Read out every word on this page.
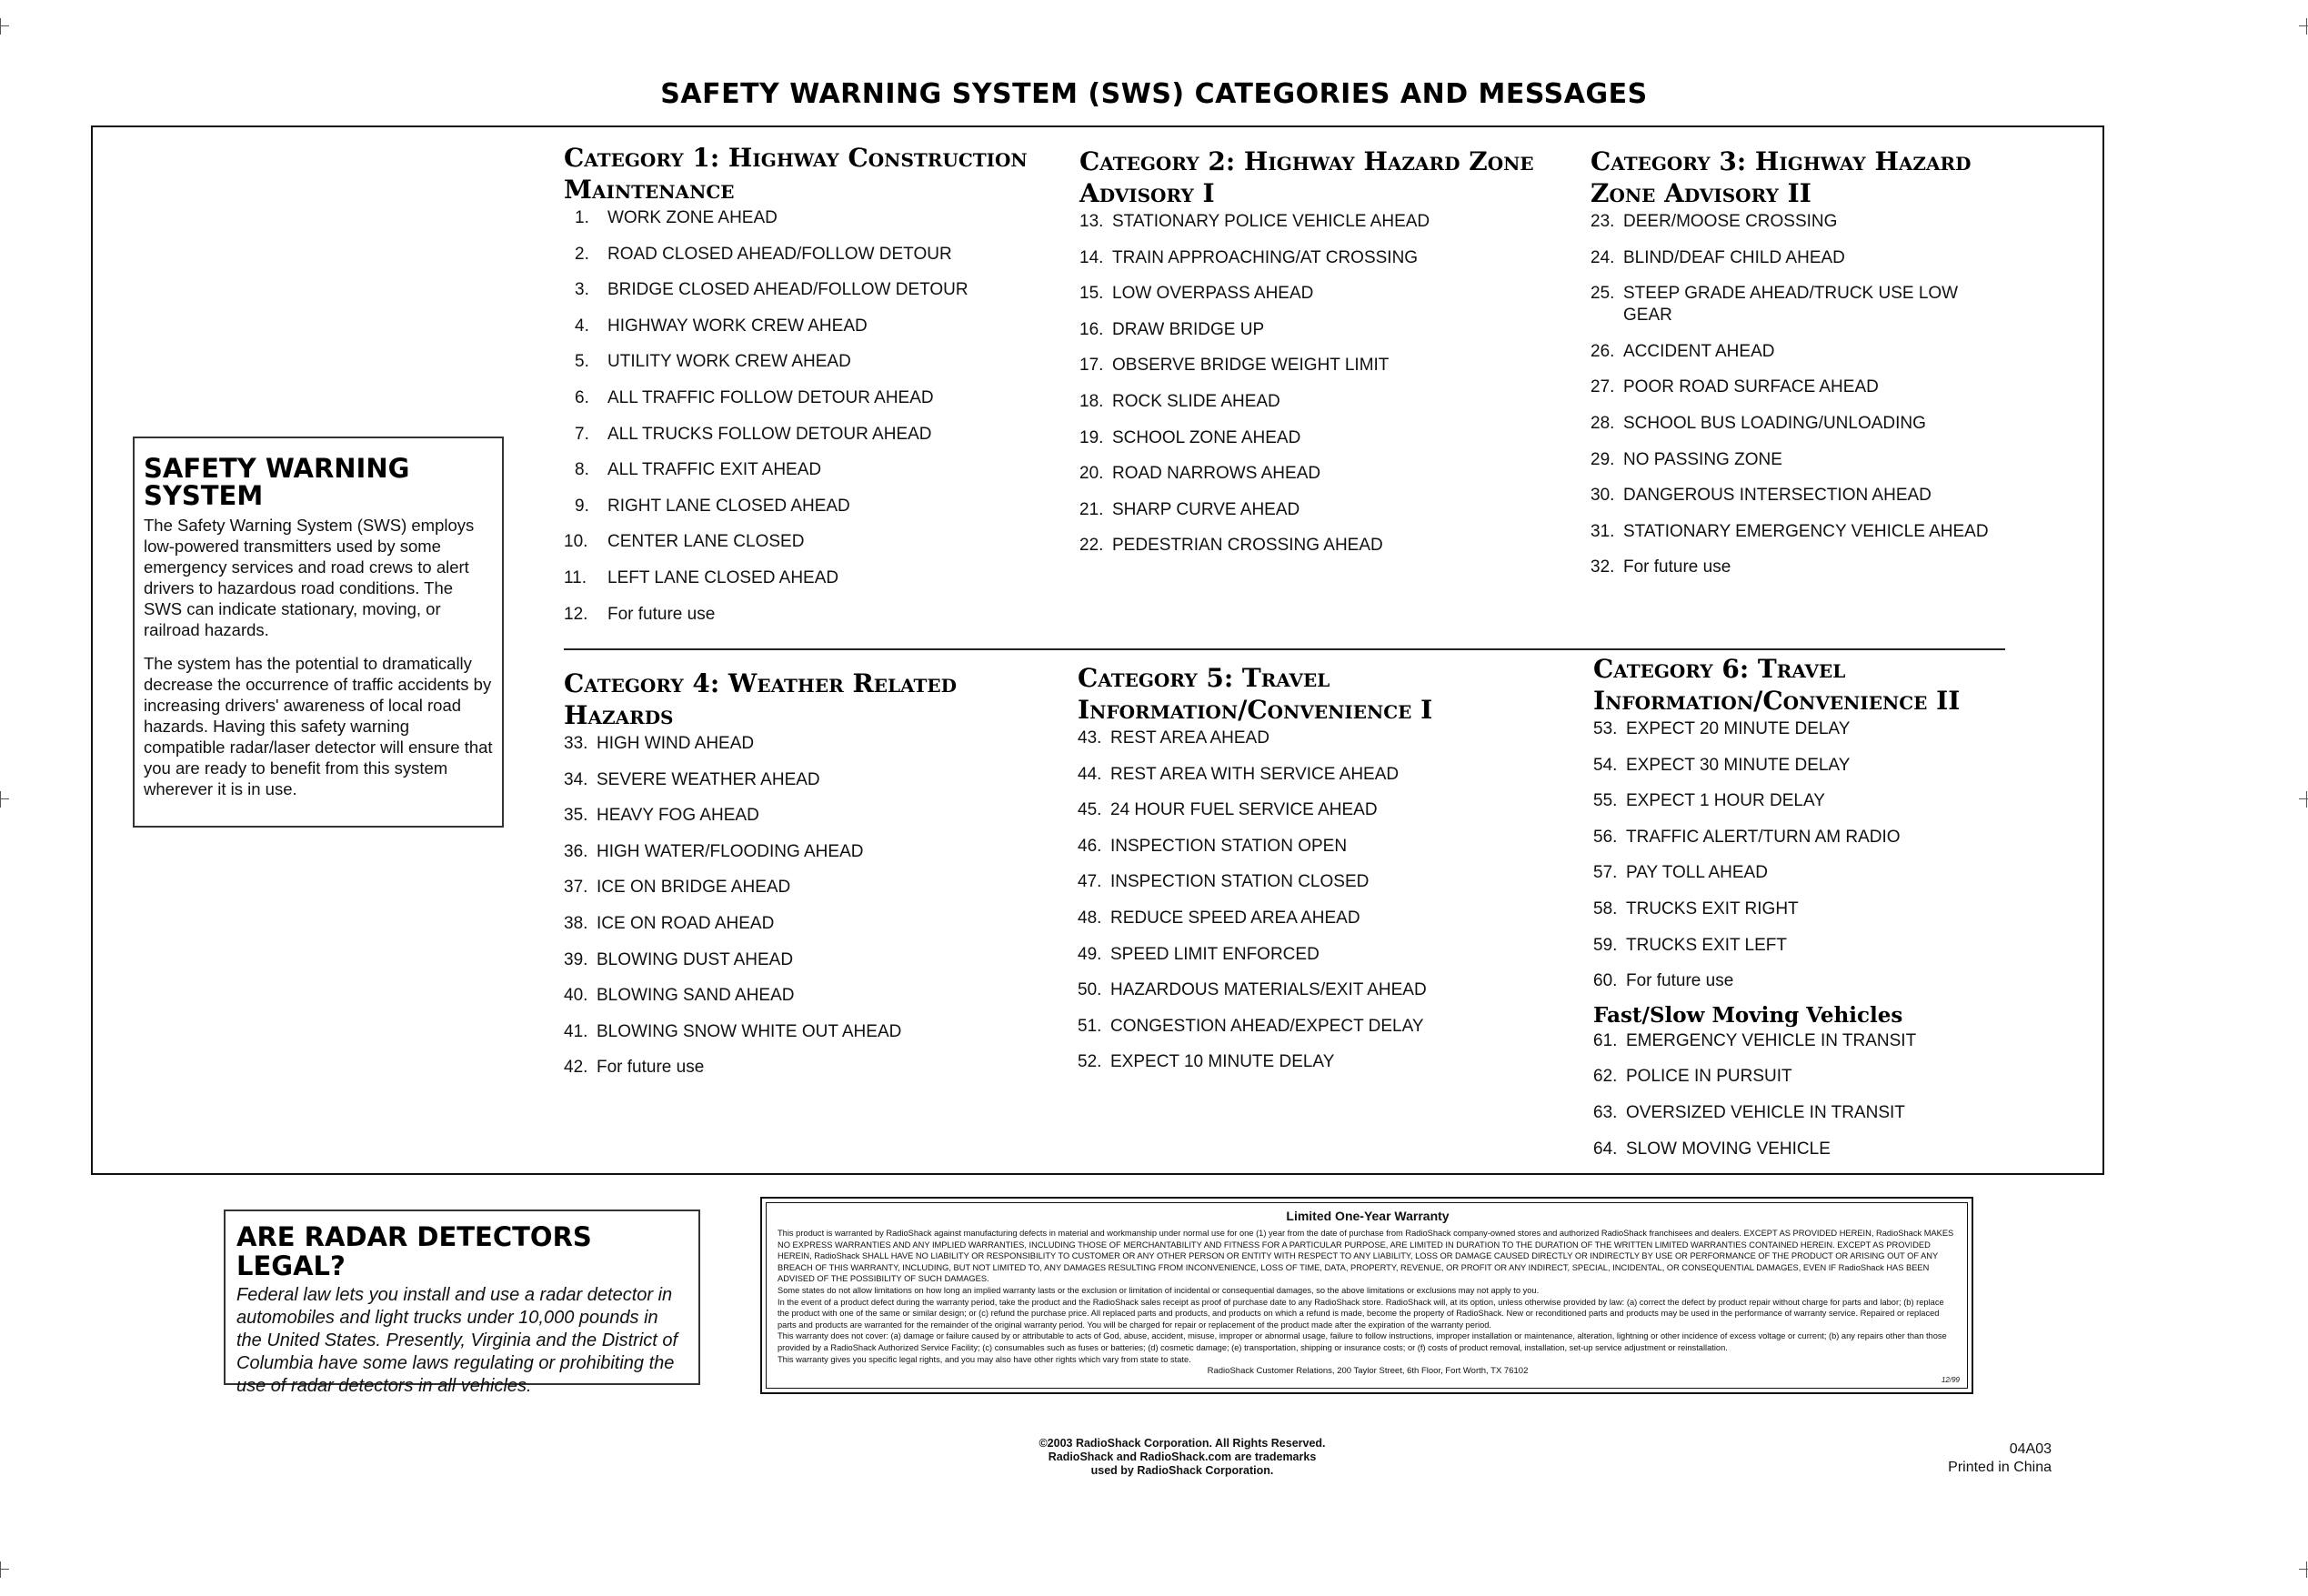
SAFETY WARNING SYSTEM (SWS) CATEGORIES AND MESSAGES
Category 1: Highway Construction Maintenance
1.	WORK ZONE AHEAD
2.	ROAD CLOSED AHEAD/FOLLOW DETOUR
3.	BRIDGE CLOSED AHEAD/FOLLOW DETOUR
4.	HIGHWAY WORK CREW AHEAD
5.	UTILITY WORK CREW AHEAD
6.	ALL TRAFFIC FOLLOW DETOUR AHEAD
7.	ALL TRUCKS FOLLOW DETOUR AHEAD
8.	ALL TRAFFIC EXIT AHEAD
9.	RIGHT LANE CLOSED AHEAD
10.	CENTER LANE CLOSED
11.	LEFT LANE CLOSED AHEAD
12.	For future use
Category 2: Highway Hazard Zone Advisory I
13. STATIONARY POLICE VEHICLE AHEAD
14. TRAIN APPROACHING/AT CROSSING
15. LOW OVERPASS AHEAD
16. DRAW BRIDGE UP
17. OBSERVE BRIDGE WEIGHT LIMIT
18. ROCK SLIDE AHEAD
19. SCHOOL ZONE AHEAD
20. ROAD NARROWS AHEAD
21. SHARP CURVE AHEAD
22. PEDESTRIAN CROSSING AHEAD
Category 3: Highway Hazard Zone Advisory II
23. DEER/MOOSE CROSSING
24. BLIND/DEAF CHILD AHEAD
25. STEEP GRADE AHEAD/TRUCK USE LOW GEAR
26. ACCIDENT AHEAD
27. POOR ROAD SURFACE AHEAD
28. SCHOOL BUS LOADING/UNLOADING
29. NO PASSING ZONE
30. DANGEROUS INTERSECTION AHEAD
31. STATIONARY EMERGENCY VEHICLE AHEAD
32. For future use
Category 4: Weather Related Hazards
33. HIGH WIND AHEAD
34. SEVERE WEATHER AHEAD
35. HEAVY FOG AHEAD
36. HIGH WATER/FLOODING AHEAD
37. ICE ON BRIDGE AHEAD
38. ICE ON ROAD AHEAD
39. BLOWING DUST AHEAD
40. BLOWING SAND AHEAD
41. BLOWING SNOW WHITE OUT AHEAD
42. For future use
Category 5: Travel Information/Convenience I
43. REST AREA AHEAD
44. REST AREA WITH SERVICE AHEAD
45. 24 HOUR FUEL SERVICE AHEAD
46. INSPECTION STATION OPEN
47. INSPECTION STATION CLOSED
48. REDUCE SPEED AREA AHEAD
49. SPEED LIMIT ENFORCED
50. HAZARDOUS MATERIALS/EXIT AHEAD
51. CONGESTION AHEAD/EXPECT DELAY
52. EXPECT 10 MINUTE DELAY
Category 6: Travel Information/Convenience II
53. EXPECT 20 MINUTE DELAY
54. EXPECT 30 MINUTE DELAY
55. EXPECT 1 HOUR DELAY
56. TRAFFIC ALERT/TURN AM RADIO
57. PAY TOLL AHEAD
58. TRUCKS EXIT RIGHT
59. TRUCKS EXIT LEFT
60. For future use
Fast/Slow Moving Vehicles
61. EMERGENCY VEHICLE IN TRANSIT
62. POLICE IN PURSUIT
63. OVERSIZED VEHICLE IN TRANSIT
64. SLOW MOVING VEHICLE
SAFETY WARNING SYSTEM

The Safety Warning System (SWS) employs low-powered transmitters used by some emergency services and road crews to alert drivers to hazardous road conditions. The SWS can indicate stationary, moving, or railroad hazards.

The system has the potential to dramatically decrease the occurrence of traffic accidents by increasing drivers' awareness of local road hazards. Having this safety warning compatible radar/laser detector will ensure that you are ready to benefit from this system wherever it is in use.

ARE RADAR DETECTORS LEGAL?
Federal law lets you install and use a radar detector in automobiles and light trucks under 10,000 pounds in the United States. Presently, Virginia and the District of Columbia have some laws regulating or prohibiting the use of radar detectors in all vehicles.
Limited One-Year Warranty

This product is warranted by RadioShack against manufacturing defects in material and workmanship under normal use for one (1) year from the date of purchase from RadioShack company-owned stores and authorized RadioShack franchisees and dealers. EXCEPT AS PROVIDED HEREIN, RadioShack MAKES NO EXPRESS WARRANTIES AND ANY IMPLIED WARRANTIES, INCLUDING THOSE OF MERCHANTABILITY AND FITNESS FOR A PARTICULAR PURPOSE, ARE LIMITED IN DURATION TO THE DURATION OF THE WRITTEN LIMITED WARRANTIES CONTAINED HEREIN. EXCEPT AS PROVIDED HEREIN, RadioShack SHALL HAVE NO LIABILITY OR RESPONSIBILITY TO CUSTOMER OR ANY OTHER PERSON OR ENTITY WITH RESPECT TO ANY LIABILITY, LOSS OR DAMAGE CAUSED DIRECTLY OR INDIRECTLY BY USE OR PERFORMANCE OF THE PRODUCT OR ARISING OUT OF ANY BREACH OF THIS WARRANTY, INCLUDING, BUT NOT LIMITED TO, ANY DAMAGES RESULTING FROM INCONVENIENCE, LOSS OF TIME, DATA, PROPERTY, REVENUE, OR PROFIT OR ANY INDIRECT, SPECIAL, INCIDENTAL, OR CONSEQUENTIAL DAMAGES, EVEN IF RadioShack HAS BEEN ADVISED OF THE POSSIBILITY OF SUCH DAMAGES.

Some states do not allow limitations on how long an implied warranty lasts or the exclusion or limitation of incidental or consequential damages, so the above limitations or exclusions may not apply to you.

In the event of a product defect during the warranty period, take the product and the RadioShack sales receipt as proof of purchase date to any RadioShack store. RadioShack will, at its option, unless otherwise provided by law: (a) correct the defect by product repair without charge for parts and labor; (b) replace the product with one of the same or similar design; or (c) refund the purchase price. All replaced parts and products, and products on which a refund is made, become the property of RadioShack. New or reconditioned parts and products may be used in the performance of warranty service. Repaired or replaced parts and products are warranted for the remainder of the original warranty period. You will be charged for repair or replacement of the product made after the expiration of the warranty period.

This warranty does not cover: (a) damage or failure caused by or attributable to acts of God, abuse, accident, misuse, improper or abnormal usage, failure to follow instructions, improper installation or maintenance, alteration, lightning or other incidence of excess voltage or current; (b) any repairs other than those provided by a RadioShack Authorized Service Facility; (c) consumables such as fuses or batteries; (d) cosmetic damage; (e) transportation, shipping or insurance costs; or (f) costs of product removal, installation, set-up service adjustment or reinstallation.

This warranty gives you specific legal rights, and you may also have other rights which vary from state to state.

RadioShack Customer Relations, 200 Taylor Street, 6th Floor, Fort Worth, TX 76102
12/99
©2003 RadioShack Corporation. All Rights Reserved.
RadioShack and RadioShack.com are trademarks
used by RadioShack Corporation.
04A03
Printed in China
